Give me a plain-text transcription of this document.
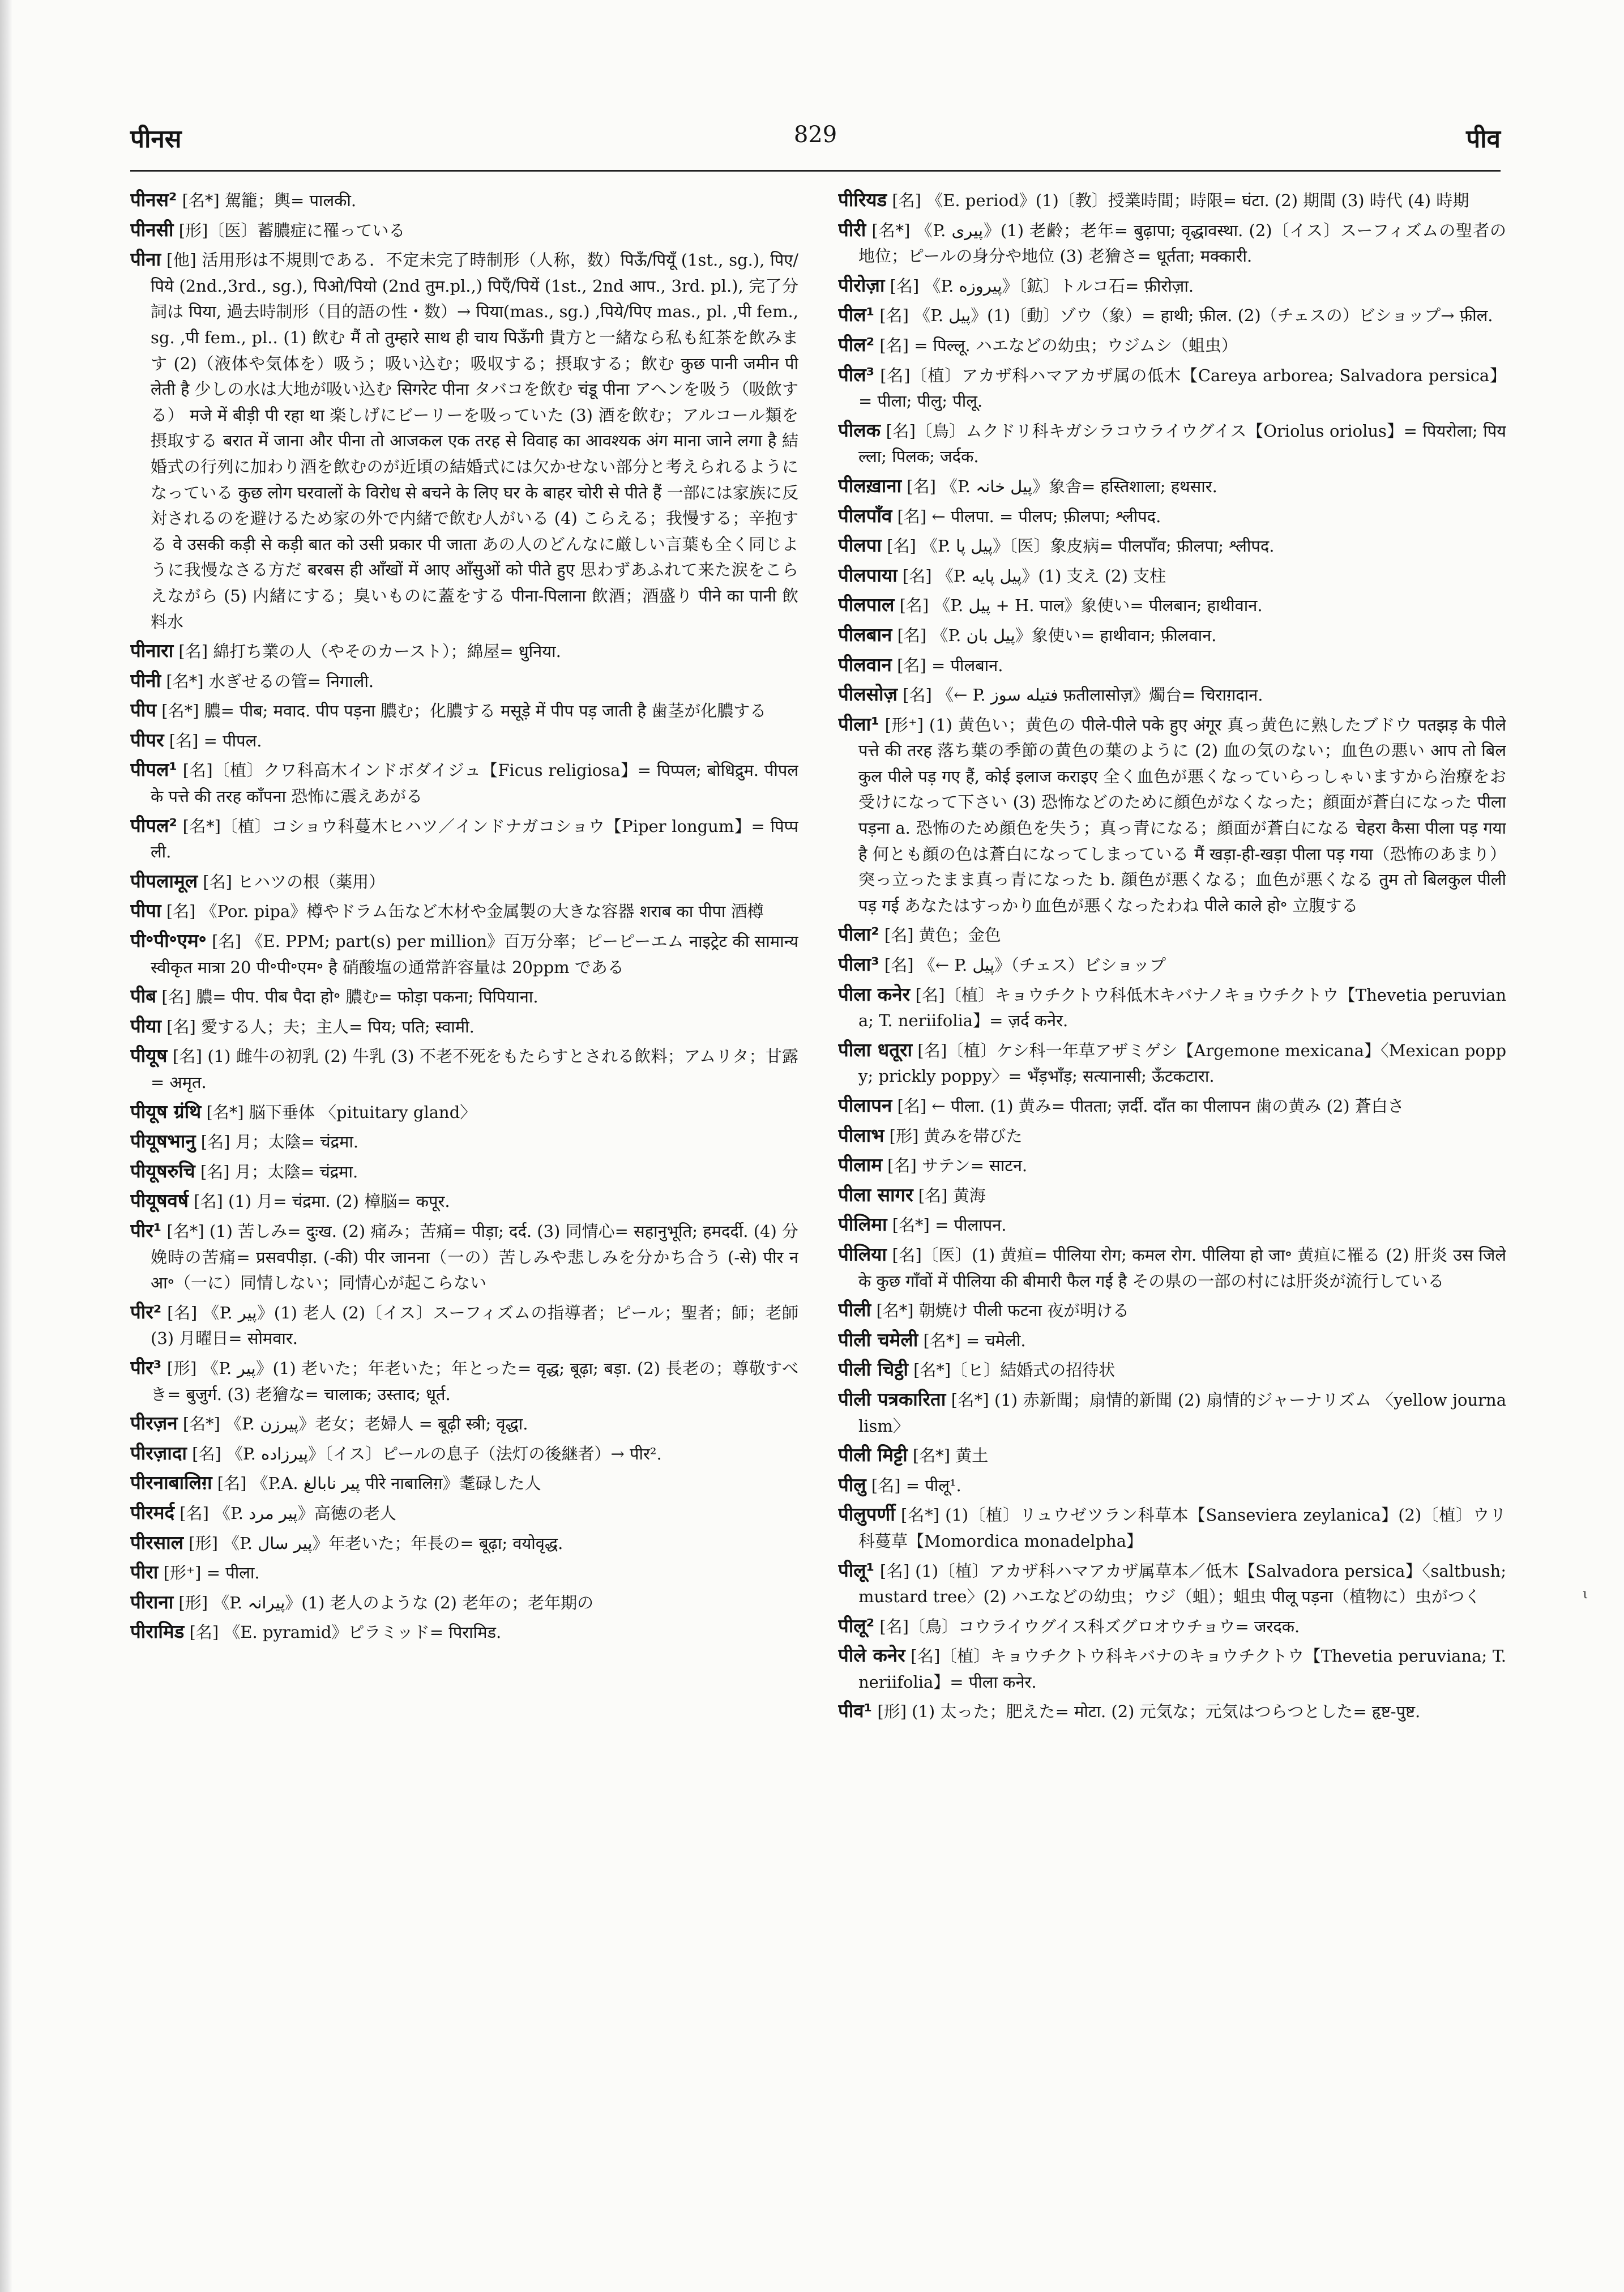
पीनस	829	पीव

पीनस² [名*] 駕籠；輿= पालकी.

पीनसी [形]〔医〕蓄膿症に罹っている

पीना [他] 活用形は不規則である．不定未完了時制形（人称，数）पिऊँ/पियूँ (1st., sg.), पिए/पिये (2nd.,3rd., sg.), पिओ/पियो (2nd तुम.pl.,) पिएँ/पियें (1st., 2nd आप., 3rd. pl.), 完了分詞は पिया, 過去時制形（目的語の性・数）→ पिया(mas., sg.) ,पिये/पिए mas., pl. ,पी fem., sg. ,पी fem., pl.. (1) 飲む मैं तो तुम्हारे साथ ही चाय पिऊँगी 貴方と一緒なら私も紅茶を飲みます (2)（液体や気体を）吸う；吸い込む；吸収する；摂取する；飲む कुछ पानी जमीन पी लेती है 少しの水は大地が吸い込む सिगरेट पीना タバコを飲む चंडू पीना アヘンを吸う（吸飲する） मजे में बीड़ी पी रहा था 楽しげにビーリーを吸っていた (3) 酒を飲む；アルコール類を摂取する बरात में जाना और पीना तो आजकल एक तरह से विवाह का आवश्यक अंग माना जाने लगा है 結婚式の行列に加わり酒を飲むのが近頃の結婚式には欠かせない部分と考えられるようになっている कुछ लोग घरवालों के विरोध से बचने के लिए घर के बाहर चोरी से पीते हैं 一部には家族に反対されるのを避けるため家の外で内緒で飲む人がいる (4) こらえる；我慢する；辛抱する वे उसकी कड़ी से कड़ी बात को उसी प्रकार पी जाता あの人のどんなに厳しい言葉も全く同じように我慢なさる方だ बरबस ही आँखों में आए आँसुओं को पीते हुए 思わずあふれて来た涙をこらえながら (5) 内緒にする；臭いものに蓋をする पीना-पिलाना 飲酒；酒盛り पीने का पानी 飲料水

पीनारा [名] 綿打ち業の人（やそのカースト）；綿屋= धुनिया.

पीनी [名*] 水ぎせるの管= निगाली.

पीप [名*] 膿= पीब; मवाद. पीप पड़ना 膿む；化膿する मसूड़े में पीप पड़ जाती है 歯茎が化膿する

पीपर [名] = पीपल.

पीपल¹ [名]〔植〕クワ科高木インドボダイジュ【Ficus religiosa】= पिप्पल; बोधिद्रुम. पीपल के पत्ते की तरह काँपना 恐怖に震えあがる

पीपल² [名*]〔植〕コショウ科蔓木ヒハツ／インドナガコショウ【Piper longum】= पिप्पली.

पीपलामूल [名] ヒハツの根（薬用）

पीपा [名] 《Por. pipa》樽やドラム缶など木材や金属製の大きな容器 शराब का पीपा 酒樽

पी॰पी॰एम॰ [名] 《E. PPM; part(s) per million》百万分率；ピーピーエム नाइट्रेट की सामान्य स्वीकृत मात्रा 20 पी॰पी॰एम॰ है 硝酸塩の通常許容量は 20ppm である

पीब [名] 膿= पीप. पीब पैदा हो॰ 膿む= फोड़ा पकना; पिपियाना.

पीया [名] 愛する人；夫；主人= पिय; पति; स्वामी.

पीयूष [名] (1) 雌牛の初乳 (2) 牛乳 (3) 不老不死をもたらすとされる飲料；アムリタ；甘露= अमृत.

पीयूष ग्रंथि [名*] 脳下垂体 〈pituitary gland〉

पीयूषभानु [名] 月；太陰= चंद्रमा.

पीयूषरुचि [名] 月；太陰= चंद्रमा.

पीयूषवर्ष [名] (1) 月= चंद्रमा. (2) 樟脳= कपूर.

पीर¹ [名*] (1) 苦しみ= दुःख. (2) 痛み；苦痛= पीड़ा; दर्द. (3) 同情心= सहानुभूति; हमदर्दी. (4) 分娩時の苦痛= प्रसवपीड़ा. (-की) पीर जानना（一の）苦しみや悲しみを分かち合う (-से) पीर न आ॰（一に）同情しない；同情心が起こらない

पीर² [名] 《P. پیر》(1) 老人 (2)〔イス〕スーフィズムの指導者；ピール；聖者；師；老師 (3) 月曜日= सोमवार.

पीर³ [形] 《P. پیر》(1) 老いた；年老いた；年とった= वृद्ध; बूढ़ा; बड़ा. (2) 長老の；尊敬すべき= बुजुर्ग. (3) 老獪な= चालाक; उस्ताद; धूर्त.

पीरज़न [名*] 《P. پیرزن》老女；老婦人 = बूढ़ी स्त्री; वृद्धा.

पीरज़ादा [名] 《P. پیرزاده》〔イス〕ピールの息子（法灯の後継者）→ पीर².

पीरनाबालिग़ [名] 《P.A. پیر نابالغ पीरे नाबालिग़》耄碌した人

पीरमर्द [名] 《P. پیر مرد》高徳の老人

पीरसाल [形] 《P. پیر سال》年老いた；年長の= बूढ़ा; वयोवृद्ध.

पीरा [形⁺] = पीला.

पीराना [形] 《P. پیرانہ》(1) 老人のような (2) 老年の；老年期の

पीरामिड [名] 《E. pyramid》ピラミッド= पिरामिड.

पीरियड [名] 《E. period》(1)〔教〕授業時間；時限= घंटा. (2) 期間 (3) 時代 (4) 時期

पीरी [名*] 《P. پیری》(1) 老齢；老年= बुढ़ापा; वृद्धावस्था. (2)〔イス〕スーフィズムの聖者の地位；ピールの身分や地位 (3) 老獪さ= धूर्तता; मक्कारी.

पीरोज़ा [名] 《P. پیروزه》〔鉱〕トルコ石= फ़ीरोज़ा.

पील¹ [名] 《P. پیل》(1)〔動〕ゾウ（象）= हाथी; फ़ील. (2)（チェスの）ビショップ→ फ़ील.

पील² [名] = पिल्लू. ハエなどの幼虫；ウジムシ（蛆虫）

पील³ [名]〔植〕アカザ科ハマアカザ属の低木【Careya arborea; Salvadora persica】= पीला; पीलु; पीलू.

पीलक [名]〔鳥〕ムクドリ科キガシラコウライウグイス【Oriolus oriolus】= पियरोला; पियल्ला; पिलक; जर्दक.

पीलख़ाना [名] 《P. پیل خانہ》象舎= हस्तिशाला; हथसार.

पीलपाँव [名] ← पीलपा. = पीलप; फ़ीलपा; श्लीपद.

पीलपा [名] 《P. پیل پا》〔医〕象皮病= पीलपाँव; फ़ीलपा; श्लीपद.

पीलपाया [名] 《P. پیل پایه》(1) 支え (2) 支柱

पीलपाल [名] 《P. پیل + H. पाल》象使い= पीलबान; हाथीवान.

पीलबान [名] 《P. پیل بان》象使い= हाथीवान; फ़ीलवान.

पीलवान [名] = पीलबान.

पीलसोज़ [名] 《← P. فتیله سوز फ़तीलासोज़》燭台= चिराग़दान.

पीला¹ [形⁺] (1) 黄色い；黄色の पीले-पीले पके हुए अंगूर 真っ黄色に熟したブドウ पतझड़ के पीले पत्ते की तरह 落ち葉の季節の黄色の葉のように (2) 血の気のない；血色の悪い आप तो बिलकुल पीले पड़ गए हैं, कोई इलाज कराइए 全く血色が悪くなっていらっしゃいますから治療をお受けになって下さい (3) 恐怖などのために顔色がなくなった；顔面が蒼白になった पीला पड़ना a. 恐怖のため顔色を失う；真っ青になる；顔面が蒼白になる चेहरा कैसा पीला पड़ गया है 何とも顔の色は蒼白になってしまっている मैं खड़ा-ही-खड़ा पीला पड़ गया（恐怖のあまり）突っ立ったまま真っ青になった b. 顔色が悪くなる；血色が悪くなる तुम तो बिलकुल पीली पड़ गई あなたはすっかり血色が悪くなったわね पीले काले हो॰ 立腹する

पीला² [名] 黄色；金色

पीला³ [名] 《← P. پیل》（チェス）ビショップ

पीला कनेर [名]〔植〕キョウチクトウ科低木キバナノキョウチクトウ【Thevetia peruviana; T. neriifolia】= ज़र्द कनेर.

पीला धतूरा [名]〔植〕ケシ科一年草アザミゲシ【Argemone mexicana】〈Mexican poppy; prickly poppy〉= भँड़भाँड़; सत्यानासी; ऊँटकटारा.

पीलापन [名] ← पीला. (1) 黄み= पीतता; ज़र्दी. दाँत का पीलापन 歯の黄み (2) 蒼白さ

पीलाभ [形] 黄みを帯びた

पीलाम [名] サテン= साटन.

पीला सागर [名] 黄海

पीलिमा [名*] = पीलापन.

पीलिया [名]〔医〕(1) 黄疸= पीलिया रोग; कमल रोग. पीलिया हो जा॰ 黄疸に罹る (2) 肝炎 उस जिले के कुछ गाँवों में पीलिया की बीमारी फैल गई है その県の一部の村には肝炎が流行している

पीली [名*] 朝焼け पीली फटना 夜が明ける

पीली चमेली [名*] = चमेली.

पीली चिट्ठी [名*]〔ヒ〕結婚式の招待状

पीली पत्रकारिता [名*] (1) 赤新聞；扇情的新聞 (2) 扇情的ジャーナリズム 〈yellow journalism〉

पीली मिट्टी [名*] 黄土

पीलु [名] = पीलू¹.

पीलुपर्णी [名*] (1)〔植〕リュウゼツラン科草本【Sanseviera zeylanica】(2)〔植〕ウリ科蔓草【Momordica monadelpha】

पीलू¹ [名] (1)〔植〕アカザ科ハマアカザ属草本／低木【Salvadora persica】〈saltbush; mustard tree〉(2) ハエなどの幼虫；ウジ（蛆）；蛆虫 पीलू पड़ना（植物に）虫がつく

पीलू² [名]〔鳥〕コウライウグイス科ズグロオウチョウ= जरदक.

पीले कनेर [名]〔植〕キョウチクトウ科キバナのキョウチクトウ【Thevetia peruviana; T. neriifolia】= पीला कनेर.

पीव¹ [形] (1) 太った；肥えた= मोटा. (2) 元気な；元気はつらつとした= हृष्ट-पुष्ट.

ι
